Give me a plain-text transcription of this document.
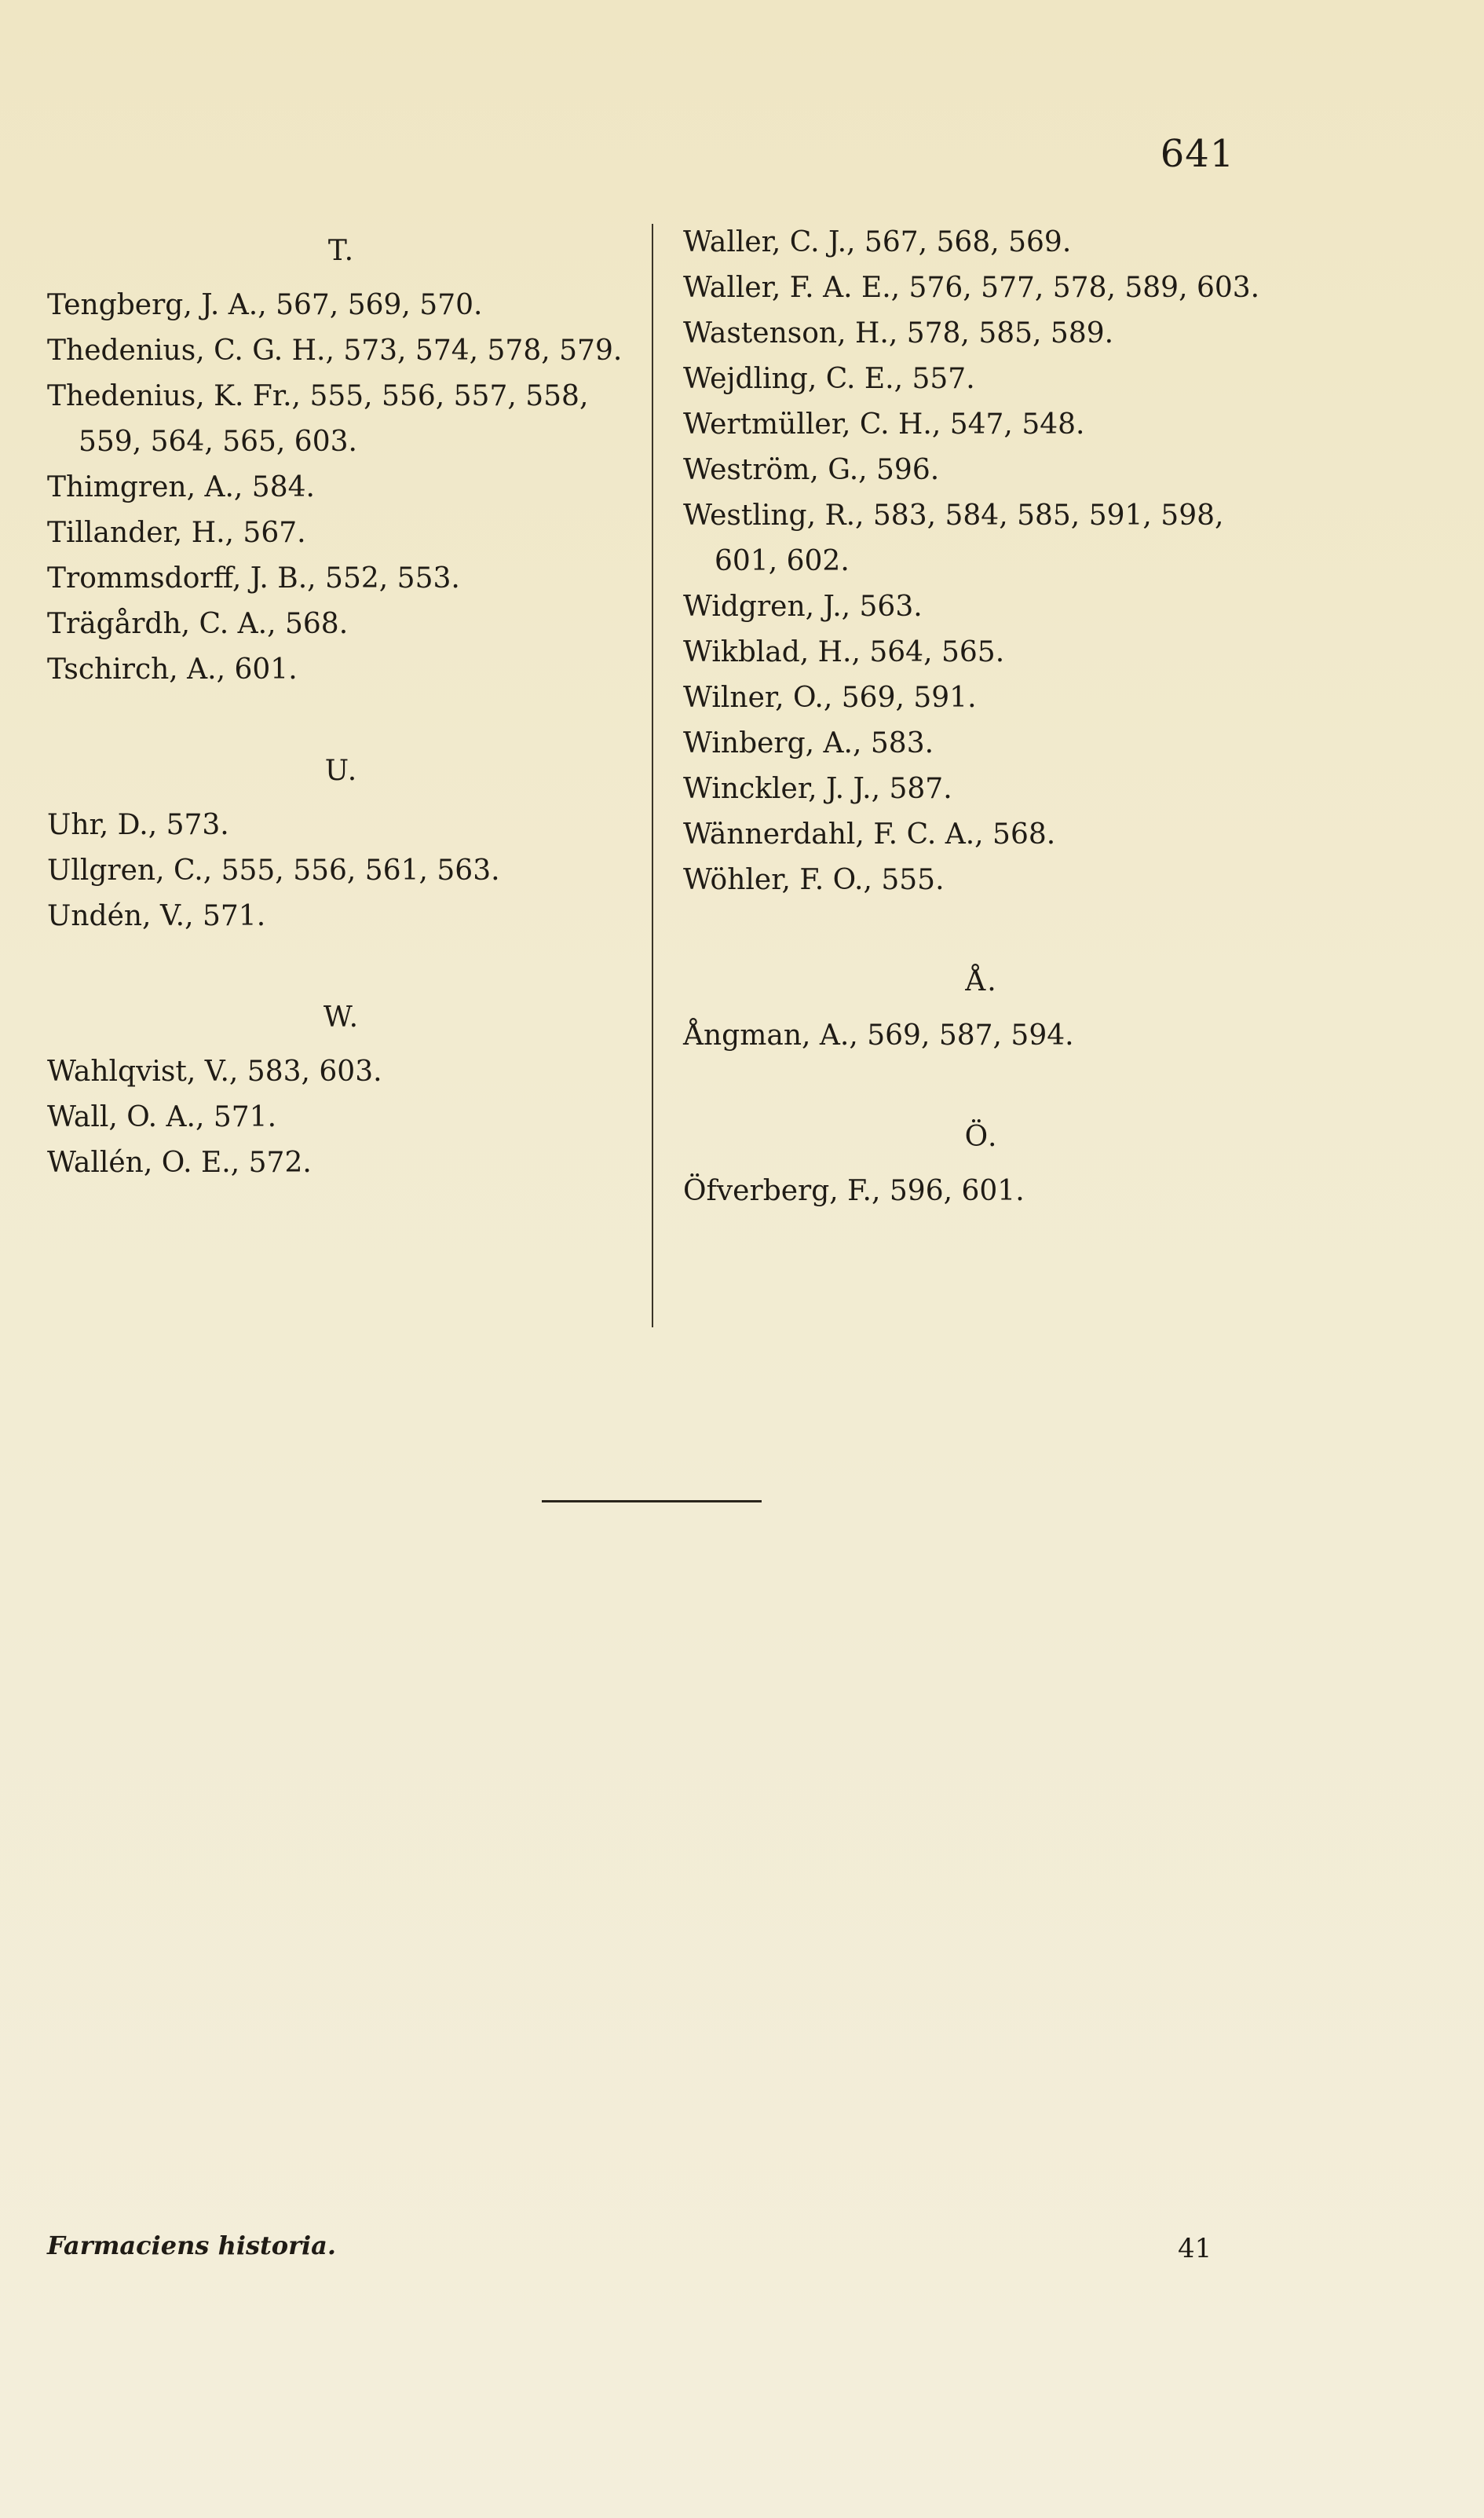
641
T.
Tengberg, J. A., 567, 569, 570.
Thedenius, C. G. H., 573, 574, 578, 579.
Thedenius, K. Fr., 555, 556, 557, 558, 559, 564, 565, 603.
Thimgren, A., 584.
Tillander, H., 567.
Trommsdorff, J. B., 552, 553.
Trägårdh, C. A., 568.
Tschirch, A., 601.
U.
Uhr, D., 573.
Ullgren, C., 555, 556, 561, 563.
Undén, V., 571.
W.
Wahlqvist, V., 583, 603.
Wall, O. A., 571.
Wallén, O. E., 572.
Waller, C. J., 567, 568, 569.
Waller, F. A. E., 576, 577, 578, 589, 603.
Wastenson, H., 578, 585, 589.
Wejdling, C. E., 557.
Wertmüller, C. H., 547, 548.
Weström, G., 596.
Westling, R., 583, 584, 585, 591, 598, 601, 602.
Widgren, J., 563.
Wikblad, H., 564, 565.
Wilner, O., 569, 591.
Winberg, A., 583.
Winckler, J. J., 587.
Wännerdahl, F. C. A., 568.
Wöhler, F. O., 555.
Å.
Ångman, A., 569, 587, 594.
Ö.
Öfverberg, F., 596, 601.
Farmaciens historia.	41
